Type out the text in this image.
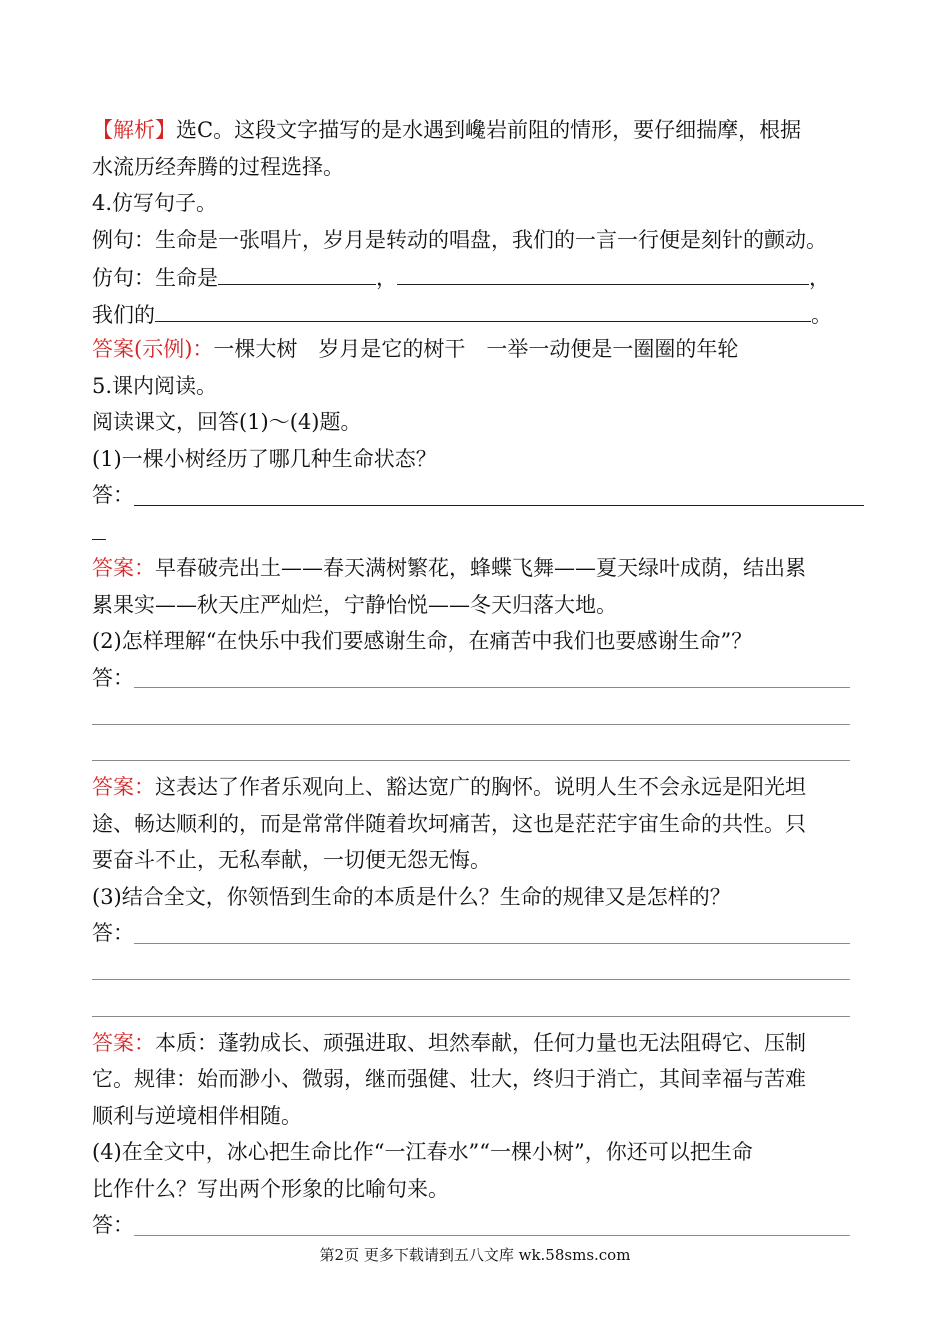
【解析】选C。这段文字描写的是水遇到巉岩前阻的情形，要仔细揣摩，根据
水流历经奔腾的过程选择。
4.仿写句子。
例句：生命是一张唱片，岁月是转动的唱盘，我们的一言一行便是刻针的颤动。
仿句：生命是	，	，
我们的	。
答案(示例)：一棵大树　岁月是它的树干　一举一动便是一圈圈的年轮
5.课内阅读。
阅读课文，回答(1)～(4)题。
(1)一棵小树经历了哪几种生命状态？
答：
答案：早春破壳出土——春天满树繁花，蜂蝶飞舞——夏天绿叶成荫，结出累
累果实——秋天庄严灿烂，宁静怡悦——冬天归落大地。
(2)怎样理解“在快乐中我们要感谢生命，在痛苦中我们也要感谢生命”？
答：
答案：这表达了作者乐观向上、豁达宽广的胸怀。说明人生不会永远是阳光坦
途、畅达顺利的，而是常常伴随着坎坷痛苦，这也是茫茫宇宙生命的共性。只
要奋斗不止，无私奉献，一切便无怨无悔。
(3)结合全文，你领悟到生命的本质是什么？生命的规律又是怎样的？
答：
答案：本质：蓬勃成长、顽强进取、坦然奉献，任何力量也无法阻碍它、压制
它。规律：始而渺小、微弱，继而强健、壮大，终归于消亡，其间幸福与苦难
顺利与逆境相伴相随。
(4)在全文中，冰心把生命比作“一江春水”“一棵小树”，你还可以把生命
比作什么？写出两个形象的比喻句来。
答：
第2页 更多下载请到五八文库 wk.58sms.com
